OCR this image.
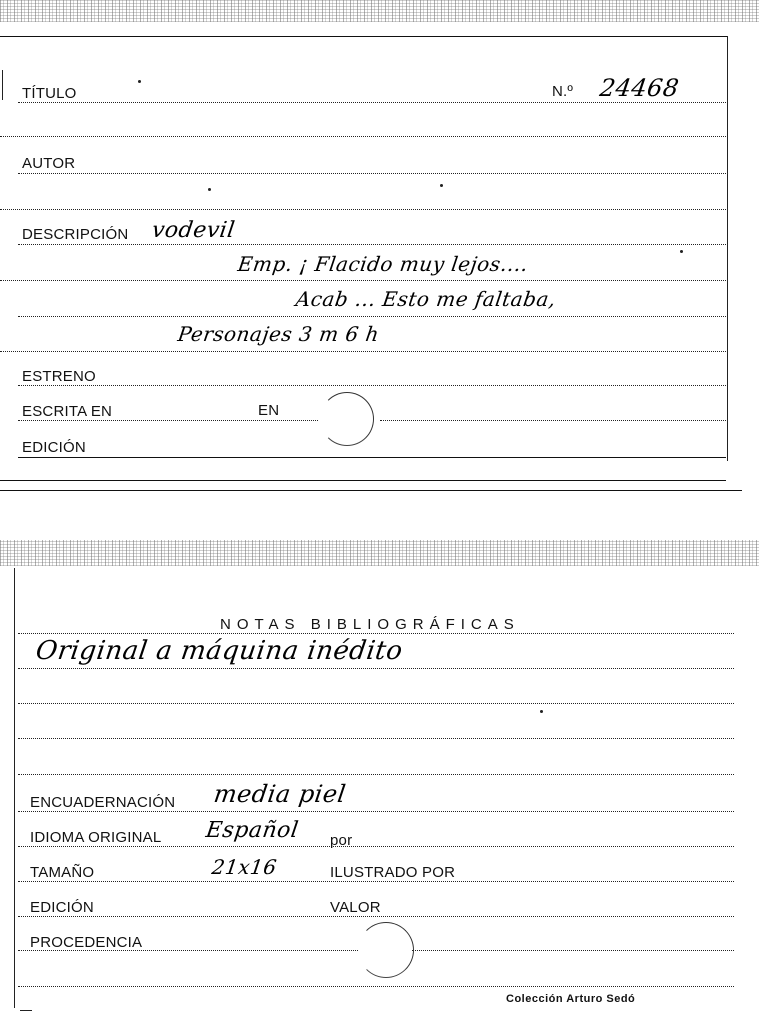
TÍTULO	N.º 24468
AUTOR
DESCRIPCIÓN vodevil
Emp. ¡ Flacido muy lejos....
Acab ... Esto me faltaba,
Personajes 3 m 6 h
ESTRENO
ESCRITA EN	EN
EDICIÓN
NOTAS BIBLIOGRÁFICAS
Original a máquina inédito
ENCUADERNACIÓN media piel
IDIOMA ORIGINAL Español por
TAMAÑO	21x16	ILUSTRADO POR
EDICIÓN	VALOR
PROCEDENCIA
Colección Arturo Sedó
